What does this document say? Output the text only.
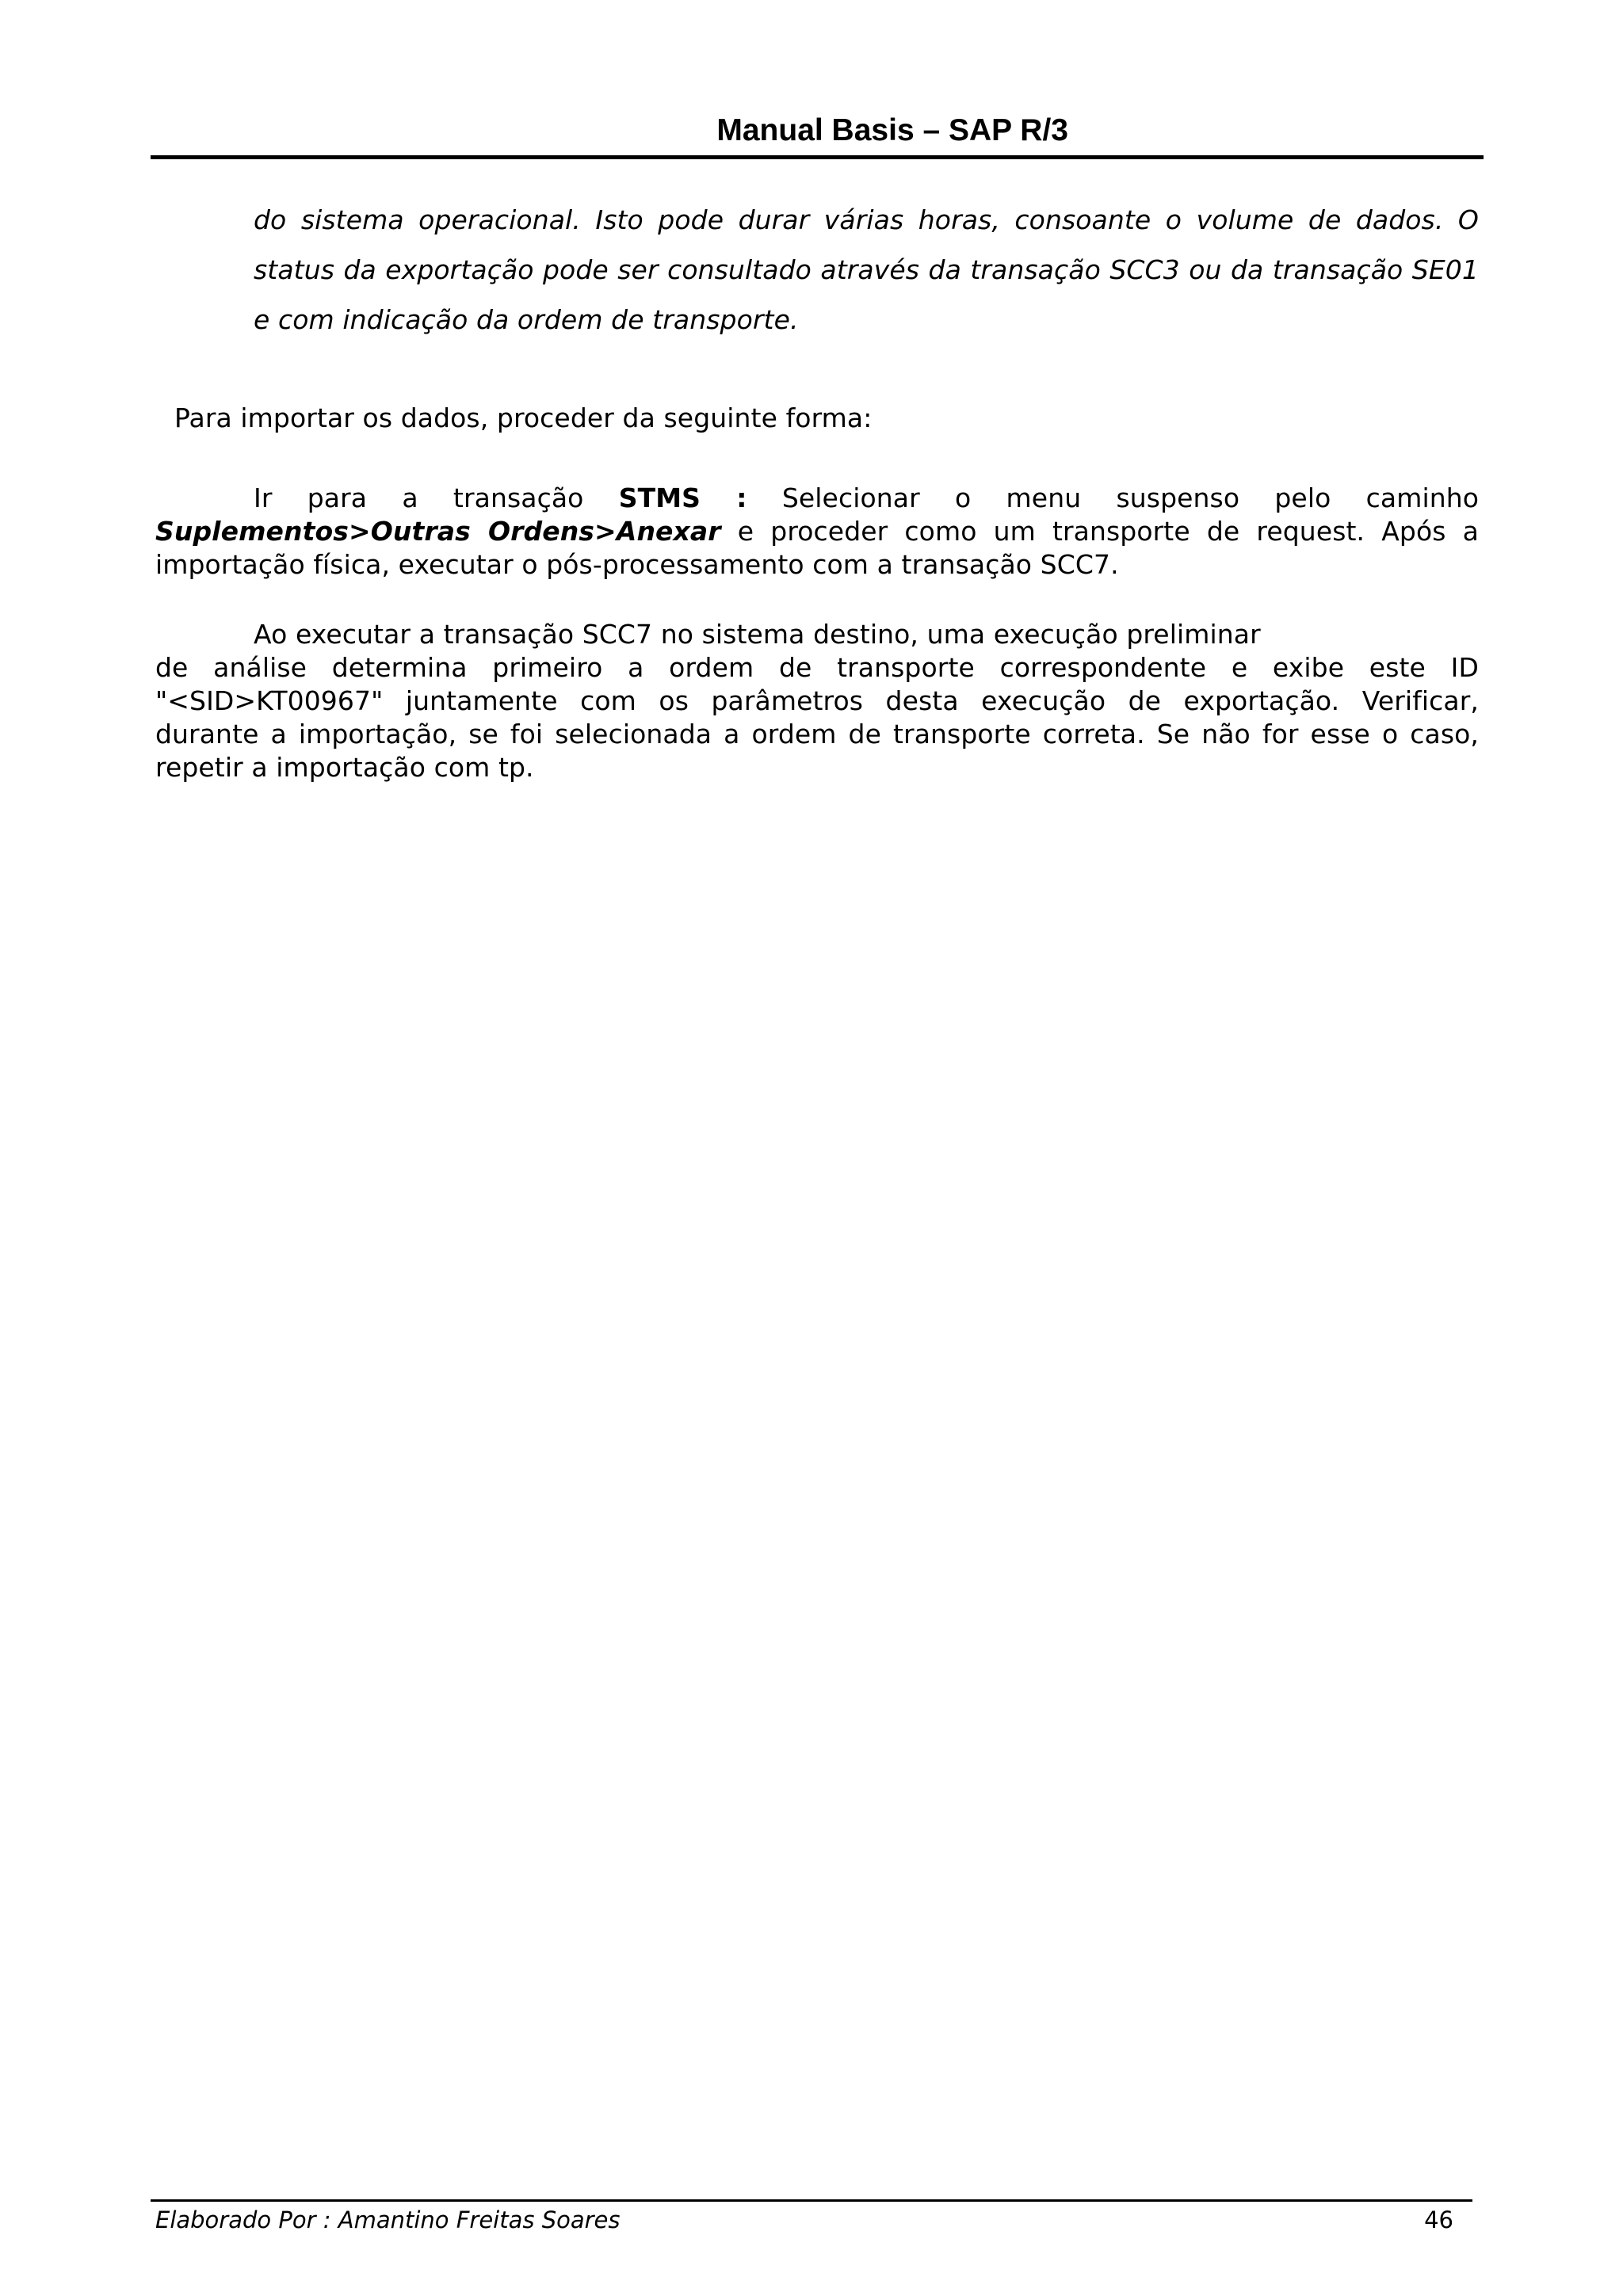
Manual Basis – SAP R/3
do sistema operacional. Isto pode durar várias horas, consoante o volume de dados. O
status da exportação pode ser consultado através da transação SCC3 ou da transação SE01
e com indicação da ordem de transporte.
Para importar os dados, proceder da seguinte forma:
Ir para a transação STMS : Selecionar o menu suspenso pelo caminho
Suplementos>Outras Ordens>Anexar e proceder como um transporte de request. Após a
importação física, executar o pós-processamento com a transação SCC7.
Ao executar a transação SCC7 no sistema destino, uma execução preliminar
de análise determina primeiro a ordem de transporte correspondente e exibe este ID
"<SID>KT00967" juntamente com os parâmetros desta execução de exportação. Verificar,
durante a importação, se foi selecionada a ordem de transporte correta. Se não for esse o caso,
repetir a importação com tp.
Elaborado Por : Amantino Freitas Soares	46
